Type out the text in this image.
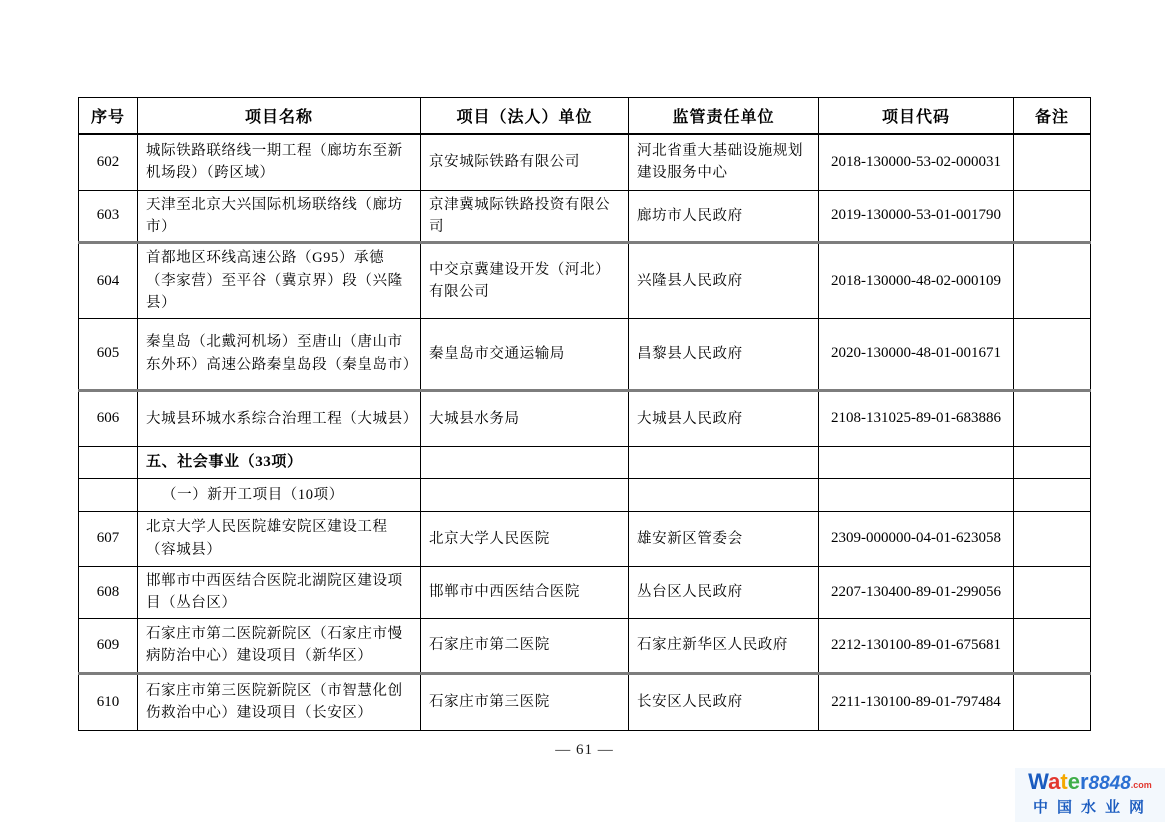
序号	项目名称	项目（法人）单位	监管责任单位	项目代码	备注
602	城际铁路联络线一期工程（廊坊东至新机场段）（跨区域）	京安城际铁路有限公司	河北省重大基础设施规划建设服务中心	2018-130000-53-02-000031	
603	天津至北京大兴国际机场联络线（廊坊市）	京津冀城际铁路投资有限公司	廊坊市人民政府	2019-130000-53-01-001790	
604	首都地区环线高速公路（G95）承德（李家营）至平谷（冀京界）段（兴隆县）	中交京冀建设开发（河北）有限公司	兴隆县人民政府	2018-130000-48-02-000109	
605	秦皇岛（北戴河机场）至唐山（唐山市东外环）高速公路秦皇岛段（秦皇岛市）	秦皇岛市交通运输局	昌黎县人民政府	2020-130000-48-01-001671	
606	大城县环城水系综合治理工程（大城县）	大城县水务局	大城县人民政府	2108-131025-89-01-683886	
	五、社会事业（33项）				
	（一）新开工项目（10项）				
607	北京大学人民医院雄安院区建设工程（容城县）	北京大学人民医院	雄安新区管委会	2309-000000-04-01-623058	
608	邯郸市中西医结合医院北湖院区建设项目（丛台区）	邯郸市中西医结合医院	丛台区人民政府	2207-130400-89-01-299056	
609	石家庄市第二医院新院区（石家庄市慢病防治中心）建设项目（新华区）	石家庄市第二医院	石家庄新华区人民政府	2212-130100-89-01-675681	
610	石家庄市第三医院新院区（市智慧化创伤救治中心）建设项目（长安区）	石家庄市第三医院	长安区人民政府	2211-130100-89-01-797484	
— 61 —
Water8848.com
中国水业网
